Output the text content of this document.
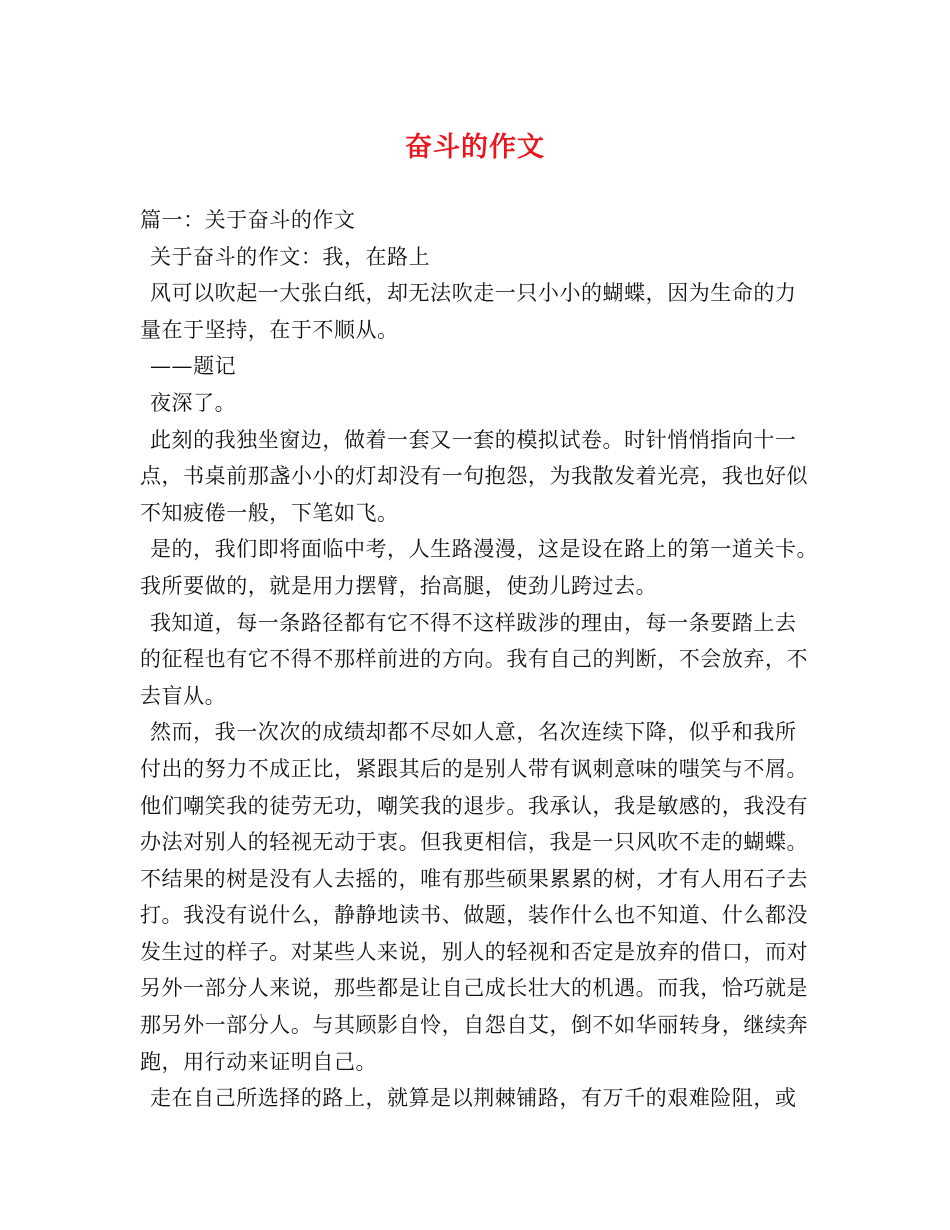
奋斗的作文
篇一：关于奋斗的作文
关于奋斗的作文：我，在路上
风可以吹起一大张白纸，却无法吹走一只小小的蝴蝶，因为生命的力
量在于坚持，在于不顺从。
——题记
夜深了。
此刻的我独坐窗边，做着一套又一套的模拟试卷。时针悄悄指向十一
点，书桌前那盏小小的灯却没有一句抱怨，为我散发着光亮，我也好似
不知疲倦一般，下笔如飞。
是的，我们即将面临中考，人生路漫漫，这是设在路上的第一道关卡。
我所要做的，就是用力摆臂，抬高腿，使劲儿跨过去。
我知道，每一条路径都有它不得不这样跋涉的理由，每一条要踏上去
的征程也有它不得不那样前进的方向。我有自己的判断，不会放弃，不
去盲从。
然而，我一次次的成绩却都不尽如人意，名次连续下降，似乎和我所
付出的努力不成正比，紧跟其后的是别人带有讽刺意味的嗤笑与不屑。
他们嘲笑我的徒劳无功，嘲笑我的退步。我承认，我是敏感的，我没有
办法对别人的轻视无动于衷。但我更相信，我是一只风吹不走的蝴蝶。
不结果的树是没有人去摇的，唯有那些硕果累累的树，才有人用石子去
打。我没有说什么，静静地读书、做题，装作什么也不知道、什么都没
发生过的样子。对某些人来说，别人的轻视和否定是放弃的借口，而对
另外一部分人来说，那些都是让自己成长壮大的机遇。而我，恰巧就是
那另外一部分人。与其顾影自怜，自怨自艾，倒不如华丽转身，继续奔
跑，用行动来证明自己。
走在自己所选择的路上，就算是以荆棘铺路，有万千的艰难险阻，或
